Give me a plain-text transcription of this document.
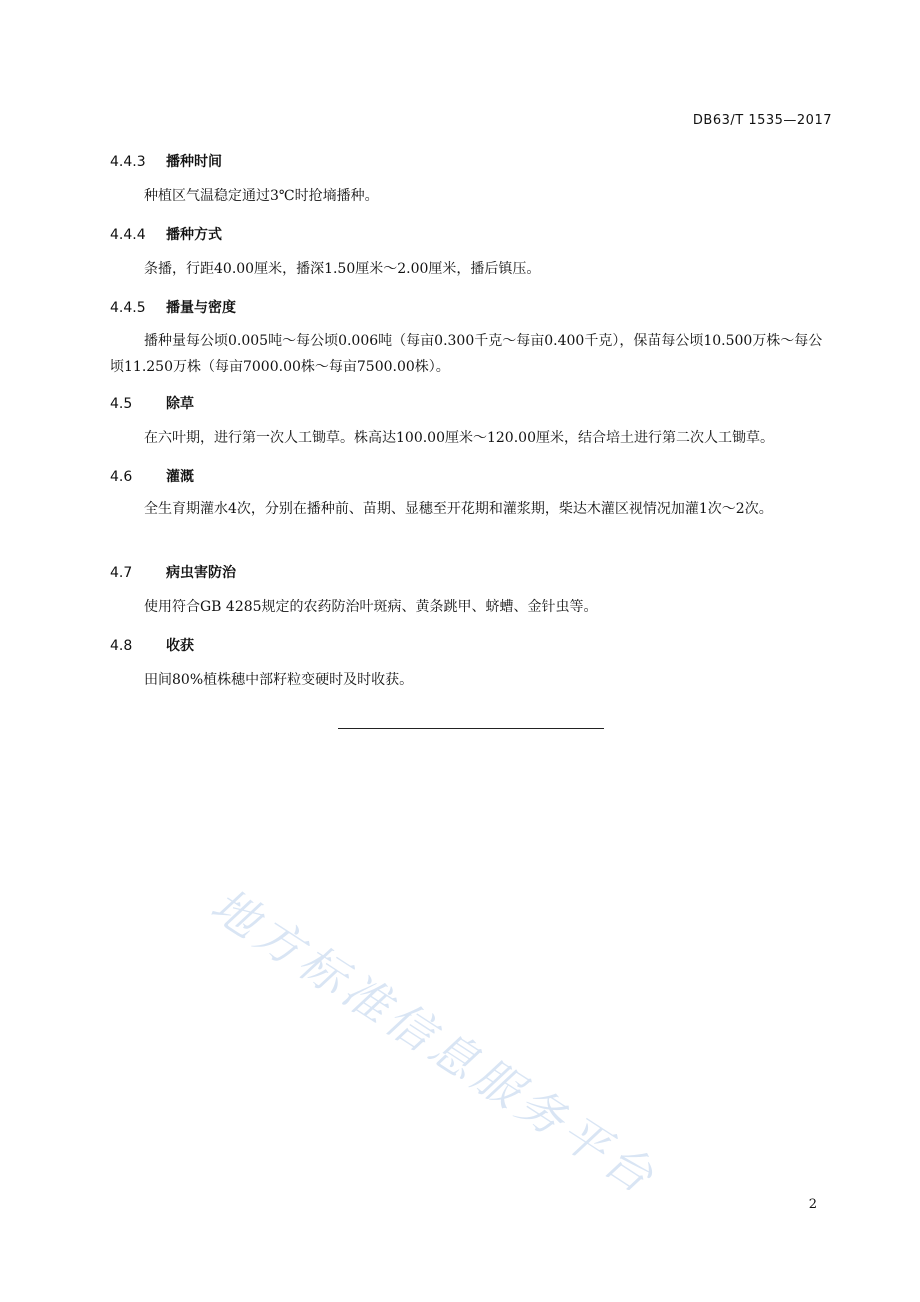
DB63/T 1535—2017
4.4.3 播种时间
种植区气温稳定通过3℃时抢墒播种。
4.4.4 播种方式
条播，行距40.00厘米，播深1.50厘米～2.00厘米，播后镇压。
4.4.5 播量与密度
播种量每公顷0.005吨～每公顷0.006吨（每亩0.300千克～每亩0.400千克），保苗每公顷10.500万株～每公顷11.250万株（每亩7000.00株～每亩7500.00株）。
4.5 除草
在六叶期，进行第一次人工锄草。株高达100.00厘米～120.00厘米，结合培土进行第二次人工锄草。
4.6 灌溉
全生育期灌水4次，分别在播种前、苗期、显穗至开花期和灌浆期，柴达木灌区视情况加灌1次～2次。
4.7 病虫害防治
使用符合GB 4285规定的农药防治叶斑病、黄条跳甲、蛴螬、金针虫等。
4.8 收获
田间80%植株穗中部籽粒变硬时及时收获。
地方标准信息服务平台	2
